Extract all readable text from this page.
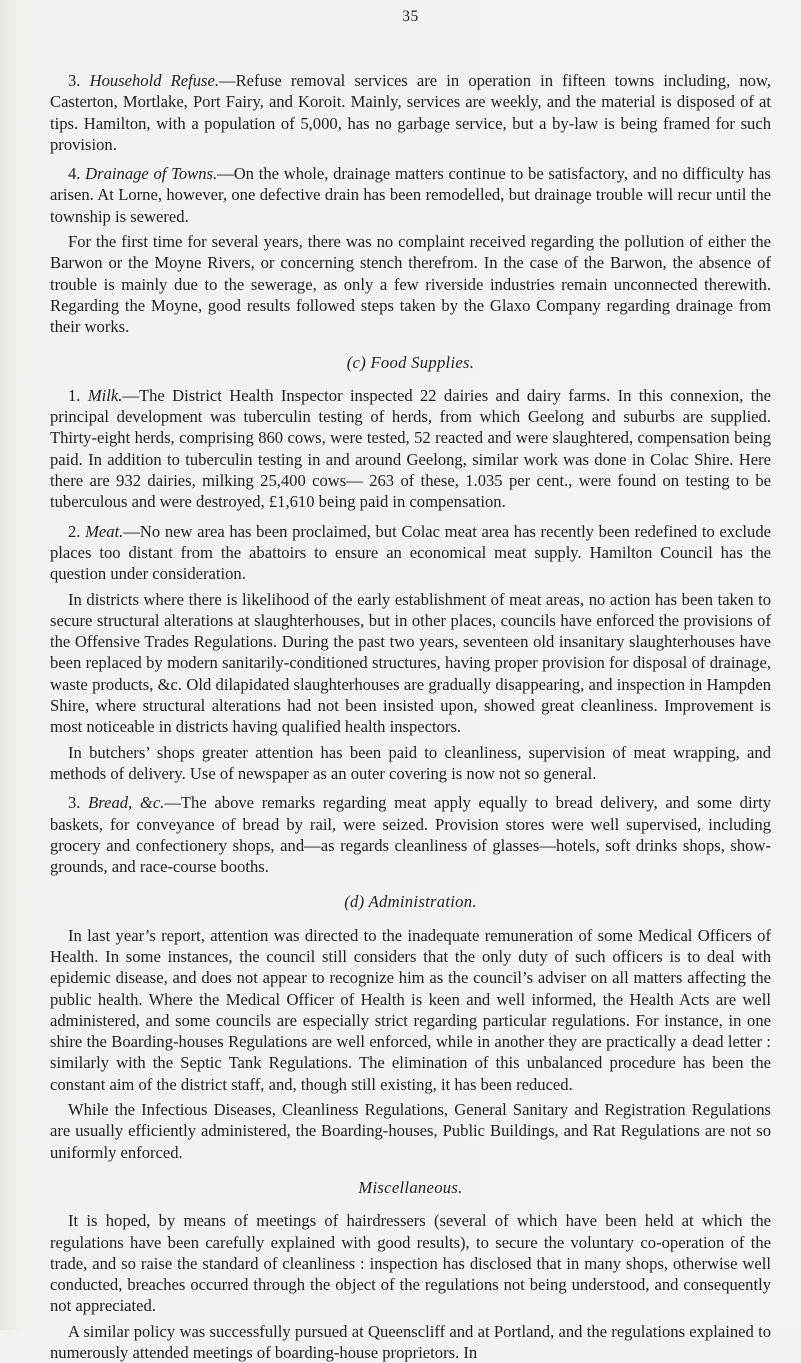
35

3. Household Refuse.—Refuse removal services are in operation in fifteen towns including, now, Casterton, Mortlake, Port Fairy, and Koroit. Mainly, services are weekly, and the material is disposed of at tips. Hamilton, with a population of 5,000, has no garbage service, but a by-law is being framed for such provision.

4. Drainage of Towns.—On the whole, drainage matters continue to be satisfactory, and no difficulty has arisen. At Lorne, however, one defective drain has been remodelled, but drainage trouble will recur until the township is sewered.

For the first time for several years, there was no complaint received regarding the pollution of either the Barwon or the Moyne Rivers, or concerning stench therefrom. In the case of the Barwon, the absence of trouble is mainly due to the sewerage, as only a few riverside industries remain unconnected therewith. Regarding the Moyne, good results followed steps taken by the Glaxo Company regarding drainage from their works.

(c) Food Supplies.

1. Milk.—The District Health Inspector inspected 22 dairies and dairy farms. In this connexion, the principal development was tuberculin testing of herds, from which Geelong and suburbs are supplied. Thirty-eight herds, comprising 860 cows, were tested, 52 reacted and were slaughtered, compensation being paid. In addition to tuberculin testing in and around Geelong, similar work was done in Colac Shire. Here there are 932 dairies, milking 25,400 cows— 263 of these, 1.035 per cent., were found on testing to be tuberculous and were destroyed, £1,610 being paid in compensation.

2. Meat.—No new area has been proclaimed, but Colac meat area has recently been redefined to exclude places too distant from the abattoirs to ensure an economical meat supply. Hamilton Council has the question under consideration.

In districts where there is likelihood of the early establishment of meat areas, no action has been taken to secure structural alterations at slaughterhouses, but in other places, councils have enforced the provisions of the Offensive Trades Regulations. During the past two years, seventeen old insanitary slaughterhouses have been replaced by modern sanitarily-conditioned structures, having proper provision for disposal of drainage, waste products, &c. Old dilapidated slaughterhouses are gradually disappearing, and inspection in Hampden Shire, where structural alterations had not been insisted upon, showed great cleanliness. Improvement is most noticeable in districts having qualified health inspectors.

In butchers’ shops greater attention has been paid to cleanliness, supervision of meat wrapping, and methods of delivery. Use of newspaper as an outer covering is now not so general.

3. Bread, &c.—The above remarks regarding meat apply equally to bread delivery, and some dirty baskets, for conveyance of bread by rail, were seized. Provision stores were well supervised, including grocery and confectionery shops, and—as regards cleanliness of glasses—hotels, soft drinks shops, show-grounds, and race-course booths.

(d) Administration.

In last year’s report, attention was directed to the inadequate remuneration of some Medical Officers of Health. In some instances, the council still considers that the only duty of such officers is to deal with epidemic disease, and does not appear to recognize him as the council’s adviser on all matters affecting the public health. Where the Medical Officer of Health is keen and well informed, the Health Acts are well administered, and some councils are especially strict regarding particular regulations. For instance, in one shire the Boarding-houses Regulations are well enforced, while in another they are practically a dead letter : similarly with the Septic Tank Regulations. The elimination of this unbalanced procedure has been the constant aim of the district staff, and, though still existing, it has been reduced.

While the Infectious Diseases, Cleanliness Regulations, General Sanitary and Registration Regulations are usually efficiently administered, the Boarding-houses, Public Buildings, and Rat Regulations are not so uniformly enforced.

Miscellaneous.

It is hoped, by means of meetings of hairdressers (several of which have been held at which the regulations have been carefully explained with good results), to secure the voluntary co-operation of the trade, and so raise the standard of cleanliness : inspection has disclosed that in many shops, otherwise well conducted, breaches occurred through the object of the regulations not being understood, and consequently not appreciated.

A similar policy was successfully pursued at Queenscliff and at Portland, and the regulations explained to numerously attended meetings of boarding-house proprietors. In
